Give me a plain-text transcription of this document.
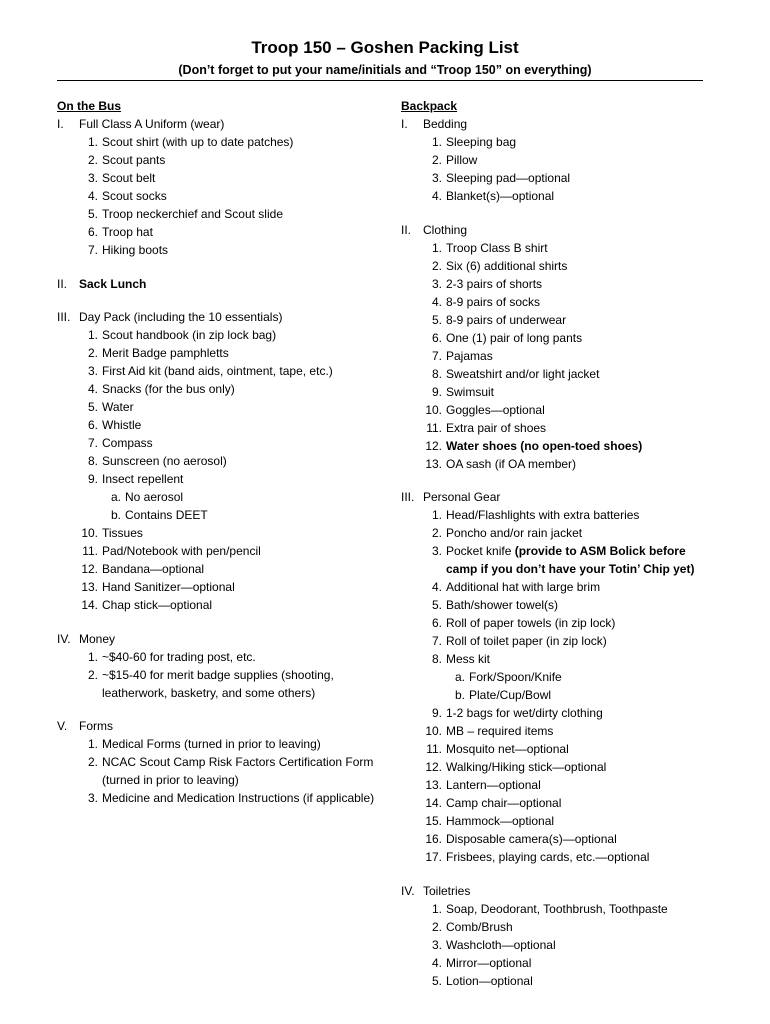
Troop 150 – Goshen Packing List
(Don’t forget to put your name/initials and “Troop 150” on everything)
On the Bus
I. Full Class A Uniform (wear)
1. Scout shirt (with up to date patches)
2. Scout pants
3. Scout belt
4. Scout socks
5. Troop neckerchief and Scout slide
6. Troop hat
7. Hiking boots
II. Sack Lunch
III. Day Pack (including the 10 essentials)
1. Scout handbook (in zip lock bag)
2. Merit Badge pamphletts
3. First Aid kit (band aids, ointment, tape, etc.)
4. Snacks (for the bus only)
5. Water
6. Whistle
7. Compass
8. Sunscreen (no aerosol)
9. Insect repellent
a. No aerosol
b. Contains DEET
10. Tissues
11. Pad/Notebook with pen/pencil
12. Bandana—optional
13. Hand Sanitizer—optional
14. Chap stick—optional
IV. Money
1. ~$40-60 for trading post, etc.
2. ~$15-40 for merit badge supplies (shooting, leatherwork, basketry, and some others)
V. Forms
1. Medical Forms (turned in prior to leaving)
2. NCAC Scout Camp Risk Factors Certification Form (turned in prior to leaving)
3. Medicine and Medication Instructions (if applicable)
Backpack
I. Bedding
1. Sleeping bag
2. Pillow
3. Sleeping pad—optional
4. Blanket(s)—optional
II. Clothing
1. Troop Class B shirt
2. Six (6) additional shirts
3. 2-3 pairs of shorts
4. 8-9 pairs of socks
5. 8-9 pairs of underwear
6. One (1) pair of long pants
7. Pajamas
8. Sweatshirt and/or light jacket
9. Swimsuit
10. Goggles—optional
11. Extra pair of shoes
12. Water shoes (no open-toed shoes)
13. OA sash (if OA member)
III. Personal Gear
1. Head/Flashlights with extra batteries
2. Poncho and/or rain jacket
3. Pocket knife (provide to ASM Bolick before camp if you don’t have your Totin’ Chip yet)
4. Additional hat with large brim
5. Bath/shower towel(s)
6. Roll of paper towels (in zip lock)
7. Roll of toilet paper (in zip lock)
8. Mess kit
a. Fork/Spoon/Knife
b. Plate/Cup/Bowl
9. 1-2 bags for wet/dirty clothing
10. MB – required items
11. Mosquito net—optional
12. Walking/Hiking stick—optional
13. Lantern—optional
14. Camp chair—optional
15. Hammock—optional
16. Disposable camera(s)—optional
17. Frisbees, playing cards, etc.—optional
IV. Toiletries
1. Soap, Deodorant, Toothbrush, Toothpaste
2. Comb/Brush
3. Washcloth—optional
4. Mirror—optional
5. Lotion—optional
